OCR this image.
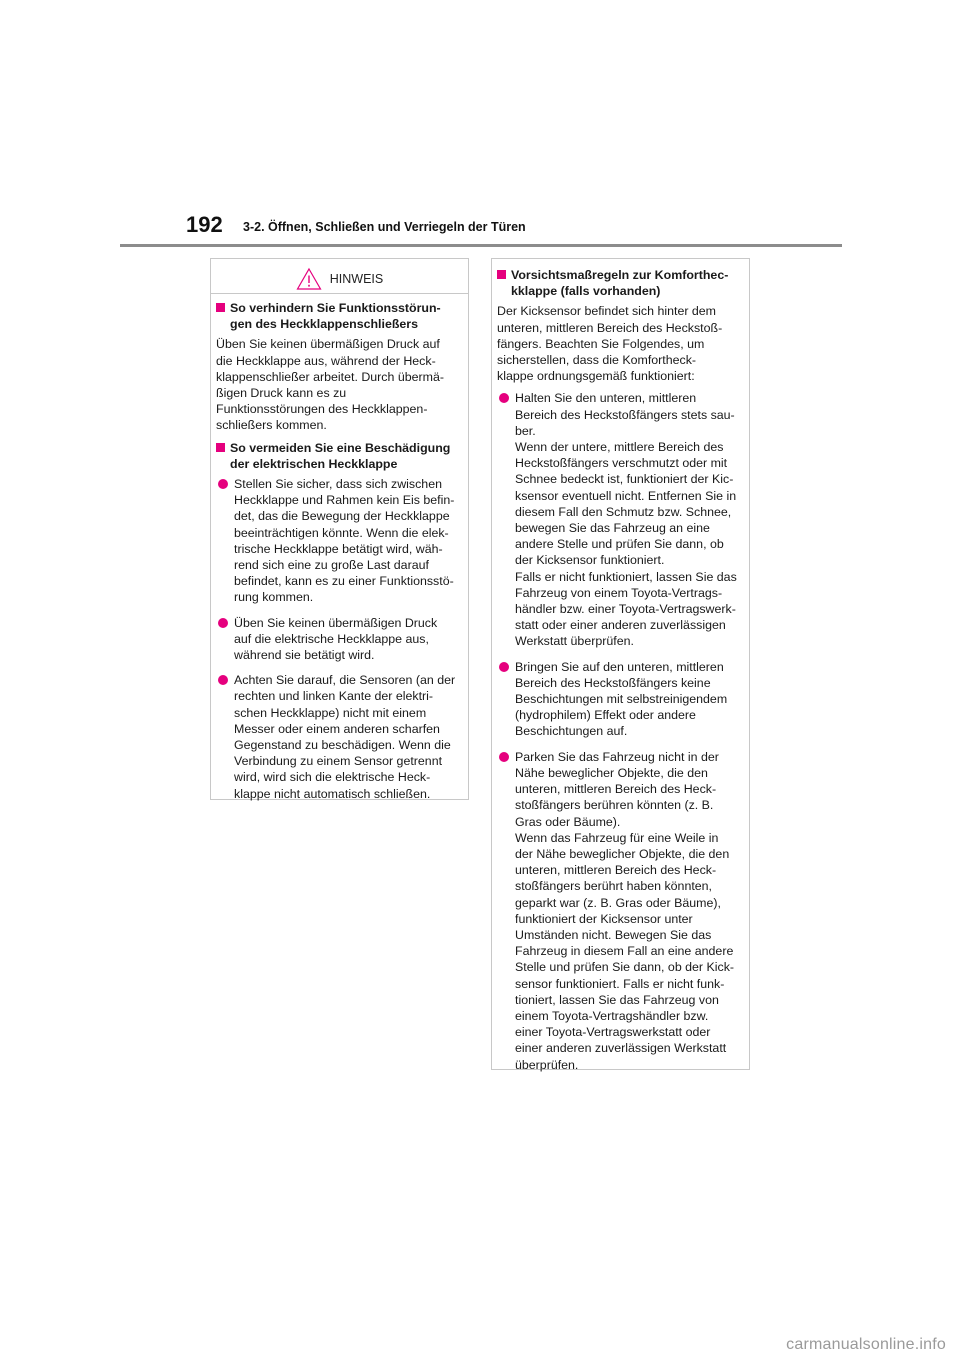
192 3-2. Öffnen, Schließen und Verriegeln der Türen
HINWEIS
So verhindern Sie Funktionsstörun-
gen des Heckklappenschließers

Üben Sie keinen übermäßigen Druck auf
die Heckklappe aus, während der Heck-
klappenschließer arbeitet. Durch übermä-
ßigen Druck kann es zu
Funktionsstörungen des Heckklappen-
schließers kommen.

So vermeiden Sie eine Beschädigung
der elektrischen Heckklappe
Stellen Sie sicher, dass sich zwischen
Heckklappe und Rahmen kein Eis befin-
det, das die Bewegung der Heckklappe
beeinträchtigen könnte. Wenn die elek-
trische Heckklappe betätigt wird, wäh-
rend sich eine zu große Last darauf
befindet, kann es zu einer Funktionsstö-
rung kommen.
Üben Sie keinen übermäßigen Druck
auf die elektrische Heckklappe aus,
während sie betätigt wird.
Achten Sie darauf, die Sensoren (an der
rechten und linken Kante der elektri-
schen Heckklappe) nicht mit einem
Messer oder einem anderen scharfen
Gegenstand zu beschädigen. Wenn die
Verbindung zu einem Sensor getrennt
wird, wird sich die elektrische Heck-
klappe nicht automatisch schließen.
Vorsichtsmaßregeln zur Komforthec-
kklappe (falls vorhanden)

Der Kicksensor befindet sich hinter dem
unteren, mittleren Bereich des Heckstoß-
fängers. Beachten Sie Folgendes, um
sicherstellen, dass die Komfortheck-
klappe ordnungsgemäß funktioniert:

Halten Sie den unteren, mittleren
Bereich des Heckstoßfängers stets sau-
ber.
Wenn der untere, mittlere Bereich des
Heckstoßfängers verschmutzt oder mit
Schnee bedeckt ist, funktioniert der Kic-
ksensor eventuell nicht. Entfernen Sie in
diesem Fall den Schmutz bzw. Schnee,
bewegen Sie das Fahrzeug an eine
andere Stelle und prüfen Sie dann, ob
der Kicksensor funktioniert.
Falls er nicht funktioniert, lassen Sie das
Fahrzeug von einem Toyota-Vertrags-
händler bzw. einer Toyota-Vertragswerk-
statt oder einer anderen zuverlässigen
Werkstatt überprüfen.
Bringen Sie auf den unteren, mittleren
Bereich des Heckstoßfängers keine
Beschichtungen mit selbstreinigendem
(hydrophilem) Effekt oder andere
Beschichtungen auf.
Parken Sie das Fahrzeug nicht in der
Nähe beweglicher Objekte, die den
unteren, mittleren Bereich des Heck-
stoßfängers berühren könnten (z. B.
Gras oder Bäume).
Wenn das Fahrzeug für eine Weile in
der Nähe beweglicher Objekte, die den
unteren, mittleren Bereich des Heck-
stoßfängers berührt haben könnten,
geparkt war (z. B. Gras oder Bäume),
funktioniert der Kicksensor unter
Umständen nicht. Bewegen Sie das
Fahrzeug in diesem Fall an eine andere
Stelle und prüfen Sie dann, ob der Kick-
sensor funktioniert. Falls er nicht funk-
tioniert, lassen Sie das Fahrzeug von
einem Toyota-Vertragshändler bzw.
einer Toyota-Vertragswerkstatt oder
einer anderen zuverlässigen Werkstatt
überprüfen.
carmanualsonline.info
